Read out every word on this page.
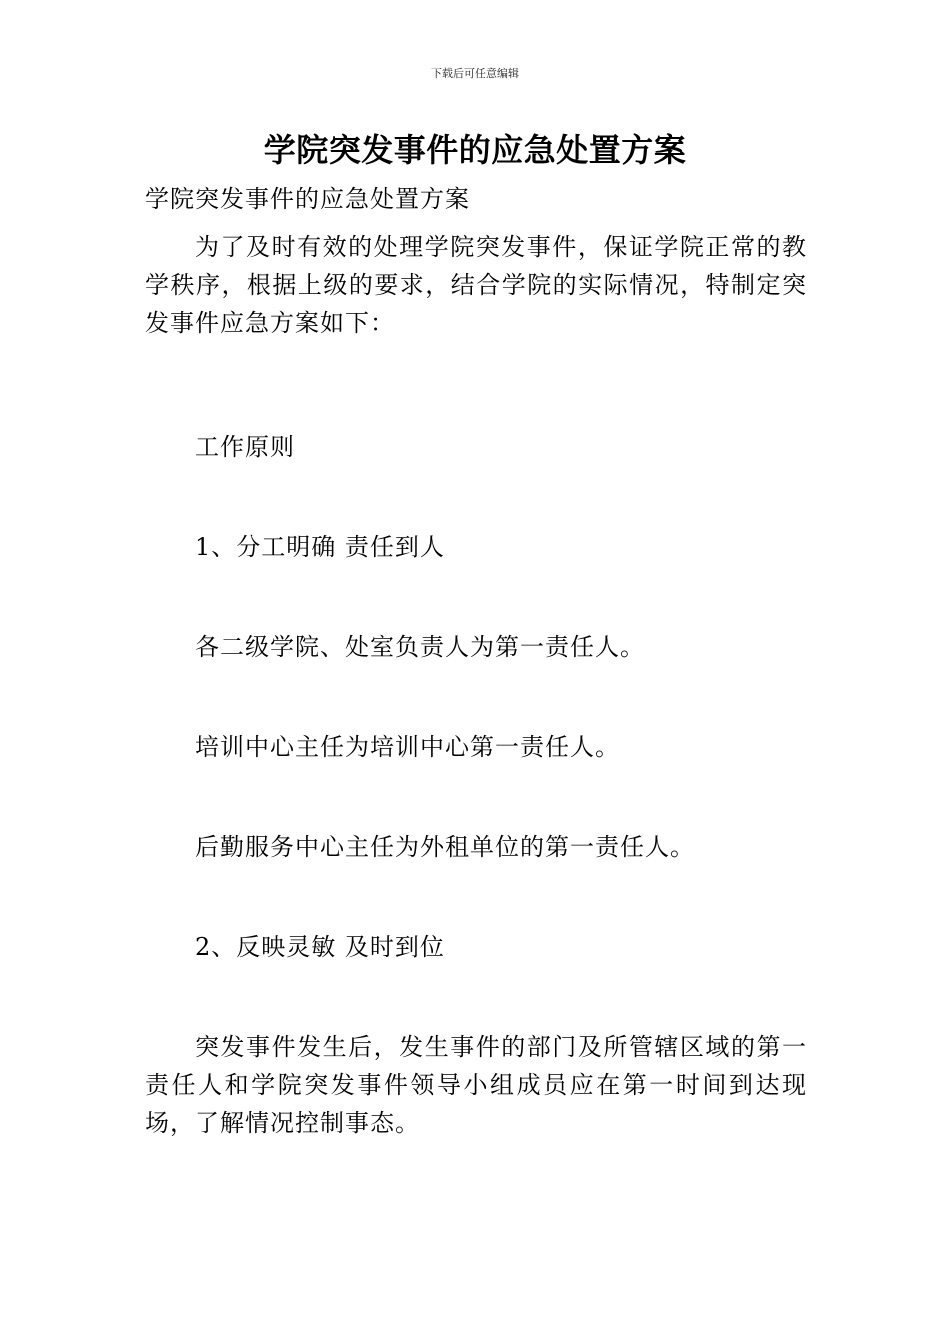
下载后可任意编辑
学院突发事件的应急处置方案
学院突发事件的应急处置方案
为了及时有效的处理学院突发事件，保证学院正常的教学秩序，根据上级的要求，结合学院的实际情况，特制定突发事件应急方案如下：
工作原则
1、分工明确 责任到人
各二级学院、处室负责人为第一责任人。
培训中心主任为培训中心第一责任人。
后勤服务中心主任为外租单位的第一责任人。
2、反映灵敏 及时到位
突发事件发生后，发生事件的部门及所管辖区域的第一责任人和学院突发事件领导小组成员应在第一时间到达现场，了解情况控制事态。
